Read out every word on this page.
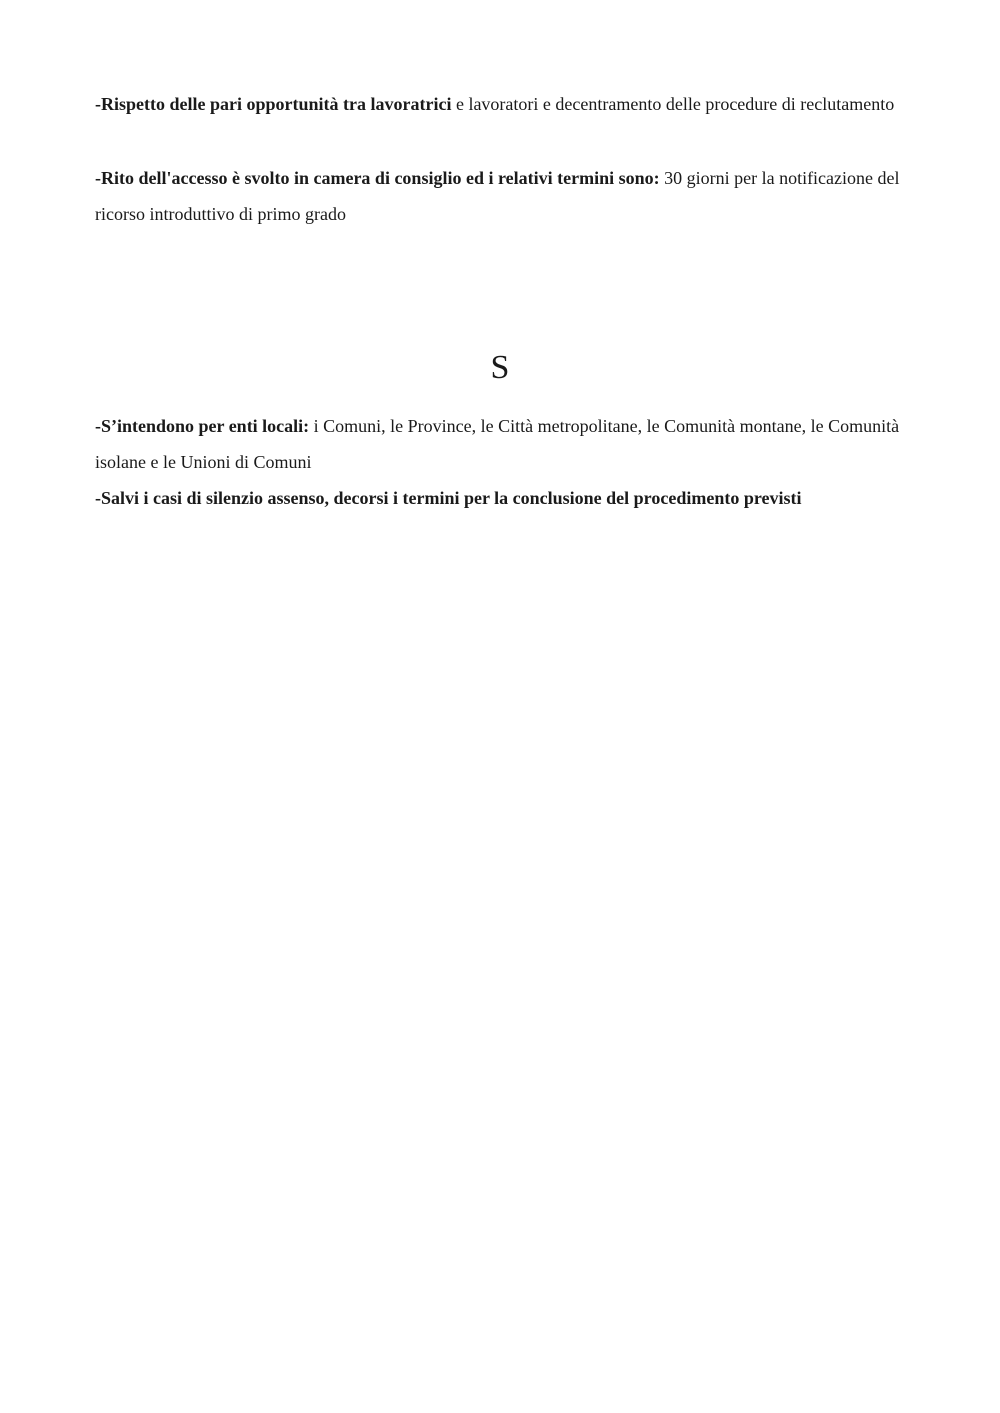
-Rispetto delle pari opportunità tra lavoratrici e lavoratori e decentramento delle procedure di reclutamento

-Rito dell'accesso è svolto in camera di consiglio ed i relativi termini sono: 30 giorni per la notificazione del ricorso introduttivo di primo grado

S

-S’intendono per enti locali: i Comuni, le Province, le Città metropolitane, le Comunità montane, le Comunità isolane e le Unioni di Comuni

-Salvi i casi di silenzio assenso, decorsi i termini per la conclusione del procedimento previsti
